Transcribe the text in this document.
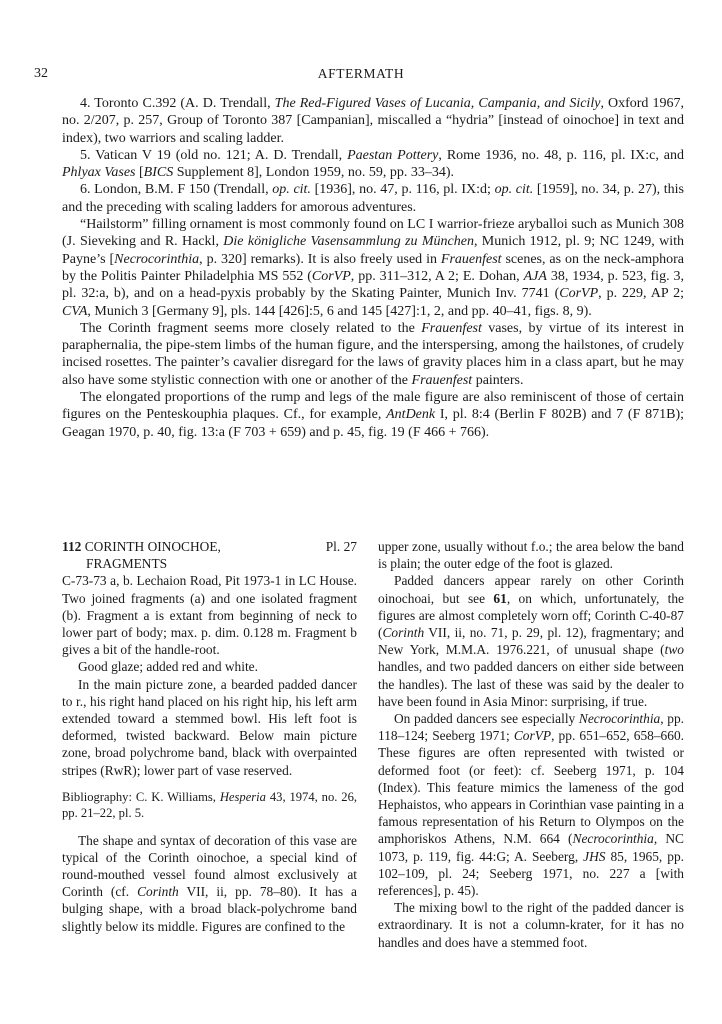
32	AFTERMATH

4. Toronto C.392 (A. D. Trendall, The Red-Figured Vases of Lucania, Campania, and Sicily, Oxford 1967, no. 2/207, p. 257, Group of Toronto 387 [Campanian], miscalled a “hydria” [instead of oinochoe] in text and index), two warriors and scaling ladder.

5. Vatican V 19 (old no. 121; A. D. Trendall, Paestan Pottery, Rome 1936, no. 48, p. 116, pl. IX:c, and Phlyax Vases [BICS Supplement 8], London 1959, no. 59, pp. 33–34).

6. London, B.M. F 150 (Trendall, op. cit. [1936], no. 47, p. 116, pl. IX:d; op. cit. [1959], no. 34, p. 27), this and the preceding with scaling ladders for amorous adventures.

“Hailstorm” filling ornament is most commonly found on LC I warrior-frieze aryballoi such as Munich 308 (J. Sieveking and R. Hackl, Die königliche Vasensammlung zu München, Munich 1912, pl. 9; NC 1249, with Payne’s [Necrocorinthia, p. 320] remarks). It is also freely used in Frauenfest scenes, as on the neck-amphora by the Politis Painter Philadelphia MS 552 (CorVP, pp. 311–312, A 2; E. Dohan, AJA 38, 1934, p. 523, fig. 3, pl. 32:a, b), and on a head-pyxis probably by the Skating Painter, Munich Inv. 7741 (CorVP, p. 229, AP 2; CVA, Munich 3 [Germany 9], pls. 144 [426]:5, 6 and 145 [427]:1, 2, and pp. 40–41, figs. 8, 9).

The Corinth fragment seems more closely related to the Frauenfest vases, by virtue of its interest in paraphernalia, the pipe-stem limbs of the human figure, and the interspersing, among the hailstones, of crudely incised rosettes. The painter’s cavalier disregard for the laws of gravity places him in a class apart, but he may also have some stylistic connection with one or another of the Frauenfest painters.

The elongated proportions of the rump and legs of the male figure are also reminiscent of those of certain figures on the Penteskouphia plaques. Cf., for example, AntDenk I, pl. 8:4 (Berlin F 802B) and 7 (F 871B); Geagan 1970, p. 40, fig. 13:a (F 703 + 659) and p. 45, fig. 19 (F 466 + 766).

112 CORINTH OINOCHOE,	Pl. 27
FRAGMENTS

C-73-73 a, b. Lechaion Road, Pit 1973-1 in LC House. Two joined fragments (a) and one isolated fragment (b). Fragment a is extant from beginning of neck to lower part of body; max. p. dim. 0.128 m. Fragment b gives a bit of the handle-root.

Good glaze; added red and white.

In the main picture zone, a bearded padded dancer to r., his right hand placed on his right hip, his left arm extended toward a stemmed bowl. His left foot is deformed, twisted backward. Below main picture zone, broad polychrome band, black with overpainted stripes (RwR); lower part of vase reserved.

Bibliography: C. K. Williams, Hesperia 43, 1974, no. 26, pp. 21–22, pl. 5.

The shape and syntax of decoration of this vase are typical of the Corinth oinochoe, a special kind of round-mouthed vessel found almost exclusively at Corinth (cf. Corinth VII, ii, pp. 78–80). It has a bulging shape, with a broad black-polychrome band slightly below its middle. Figures are confined to the

upper zone, usually without f.o.; the area below the band is plain; the outer edge of the foot is glazed.

Padded dancers appear rarely on other Corinth oinochoai, but see 61, on which, unfortunately, the figures are almost completely worn off; Corinth C-40-87 (Corinth VII, ii, no. 71, p. 29, pl. 12), fragmentary; and New York, M.M.A. 1976.221, of unusual shape (two handles, and two padded dancers on either side between the handles). The last of these was said by the dealer to have been found in Asia Minor: surprising, if true.

On padded dancers see especially Necrocorinthia, pp. 118–124; Seeberg 1971; CorVP, pp. 651–652, 658–660. These figures are often represented with twisted or deformed foot (or feet): cf. Seeberg 1971, p. 104 (Index). This feature mimics the lameness of the god Hephaistos, who appears in Corinthian vase painting in a famous representation of his Return to Olympos on the amphoriskos Athens, N.M. 664 (Necrocorinthia, NC 1073, p. 119, fig. 44:G; A. Seeberg, JHS 85, 1965, pp. 102–109, pl. 24; Seeberg 1971, no. 227 a [with references], p. 45).

The mixing bowl to the right of the padded dancer is extraordinary. It is not a column-krater, for it has no handles and does have a stemmed foot.
